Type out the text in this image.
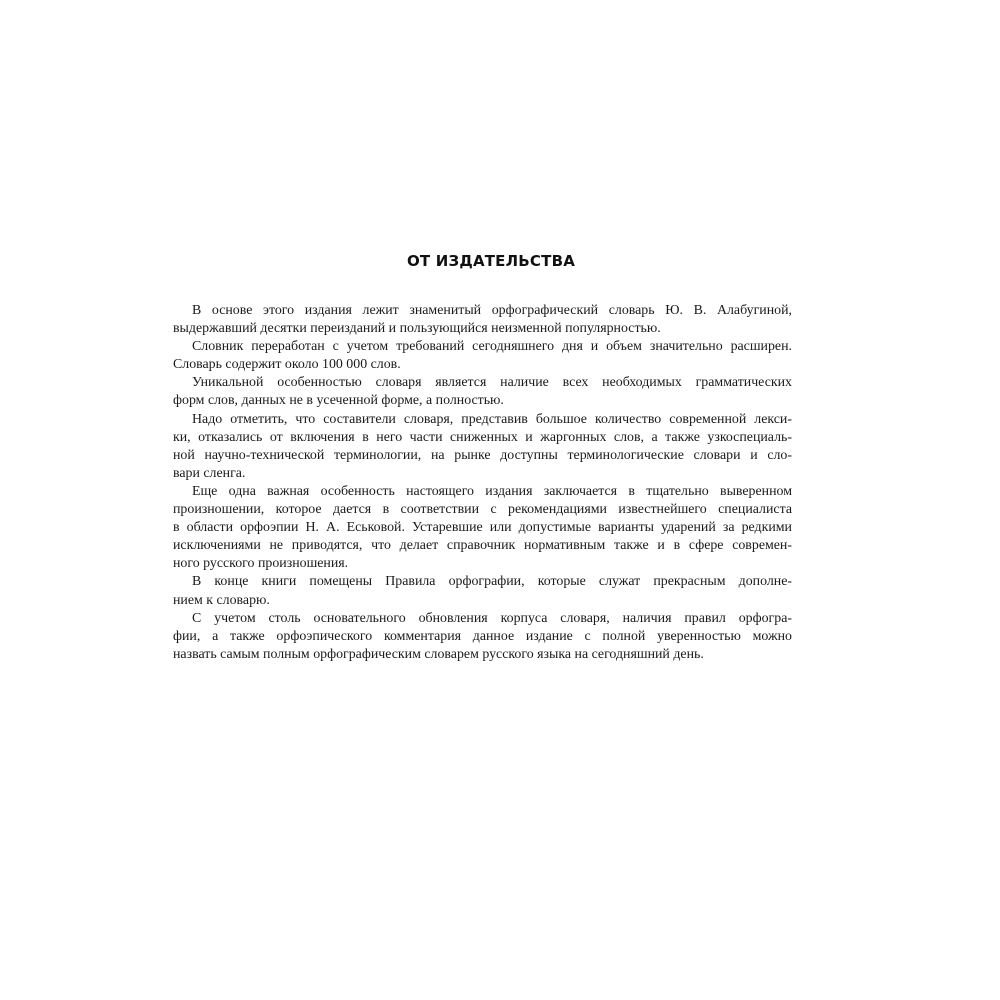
ОТ ИЗДАТЕЛЬСТВА
В основе этого издания лежит знаменитый орфографический словарь Ю. В. Алабугиной,
выдержавший десятки переизданий и пользующийся неизменной популярностью.
Словник переработан с учетом требований сегодняшнего дня и объем значительно расширен.
Словарь содержит около 100 000 слов.
Уникальной особенностью словаря является наличие всех необходимых грамматических
форм слов, данных не в усеченной форме, а полностью.
Надо отметить, что составители словаря, представив большое количество современной лекси-
ки, отказались от включения в него части сниженных и жаргонных слов, а также узкоспециаль-
ной научно-технической терминологии, на рынке доступны терминологические словари и сло-
вари сленга.
Еще одна важная особенность настоящего издания заключается в тщательно выверенном
произношении, которое дается в соответствии с рекомендациями известнейшего специалиста
в области орфоэпии Н. А. Еськовой. Устаревшие или допустимые варианты ударений за редкими
исключениями не приводятся, что делает справочник нормативным также и в сфере современ-
ного русского произношения.
В конце книги помещены Правила орфографии, которые служат прекрасным дополне-
нием к словарю.
С учетом столь основательного обновления корпуса словаря, наличия правил орфогра-
фии, а также орфоэпического комментария данное издание с полной уверенностью можно
назвать самым полным орфографическим словарем русского языка на сегодняшний день.
